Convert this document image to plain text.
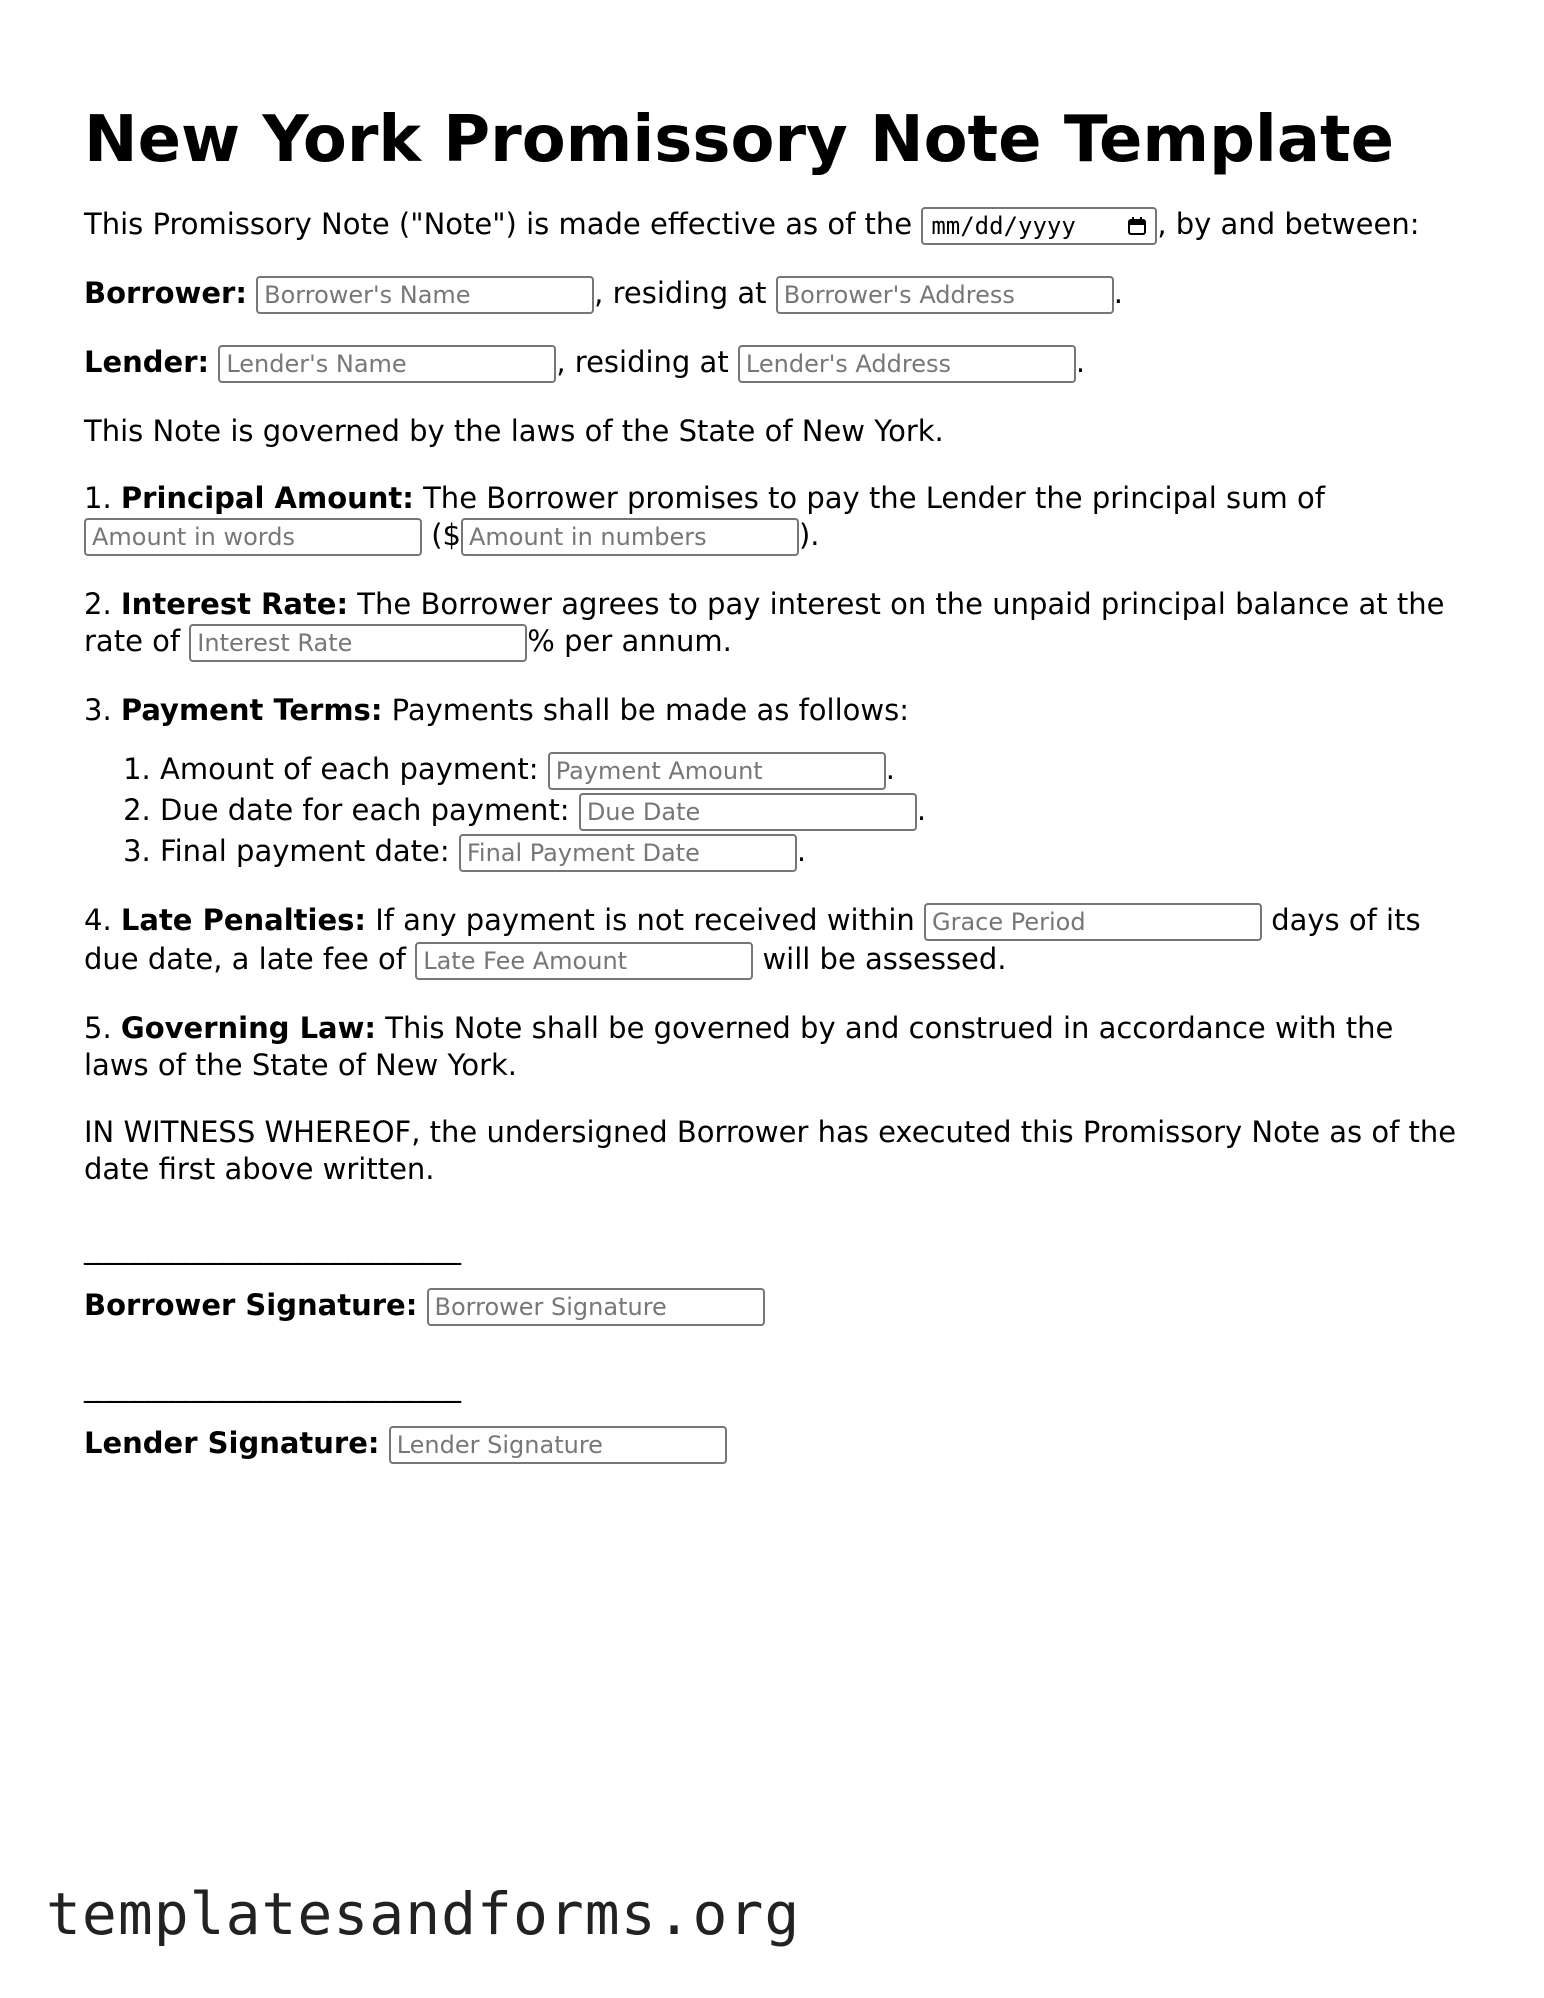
New York Promissory Note Template

This Promissory Note ("Note") is made effective as of the mm/dd/yyyy	, by and between:

Borrower: Borrower's Name	, residing at Borrower's Address	.

Lender: Lender's Name	, residing at Lender's Address	.

This Note is governed by the laws of the State of New York.

1. Principal Amount: The Borrower promises to pay the Lender the principal sum of Amount in words ($Amount in numbers	).

2. Interest Rate: The Borrower agrees to pay interest on the unpaid principal balance at the rate of Interest Rate	% per annum.

3. Payment Terms: Payments shall be made as follows:

1. Amount of each payment: Payment Amount	.
2. Due date for each payment: Due Date	.
3. Final payment date: Final Payment Date	.

4. Late Penalties: If any payment is not received within Grace Period	days of its due date, a late fee of Late Fee Amount	will be assessed.

5. Governing Law: This Note shall be governed by and construed in accordance with the laws of the State of New York.

IN WITNESS WHEREOF, the undersigned Borrower has executed this Promissory Note as of the date first above written.

______________________________

Borrower Signature: Borrower Signature

______________________________

Lender Signature: Lender Signature

templatesandforms.org
